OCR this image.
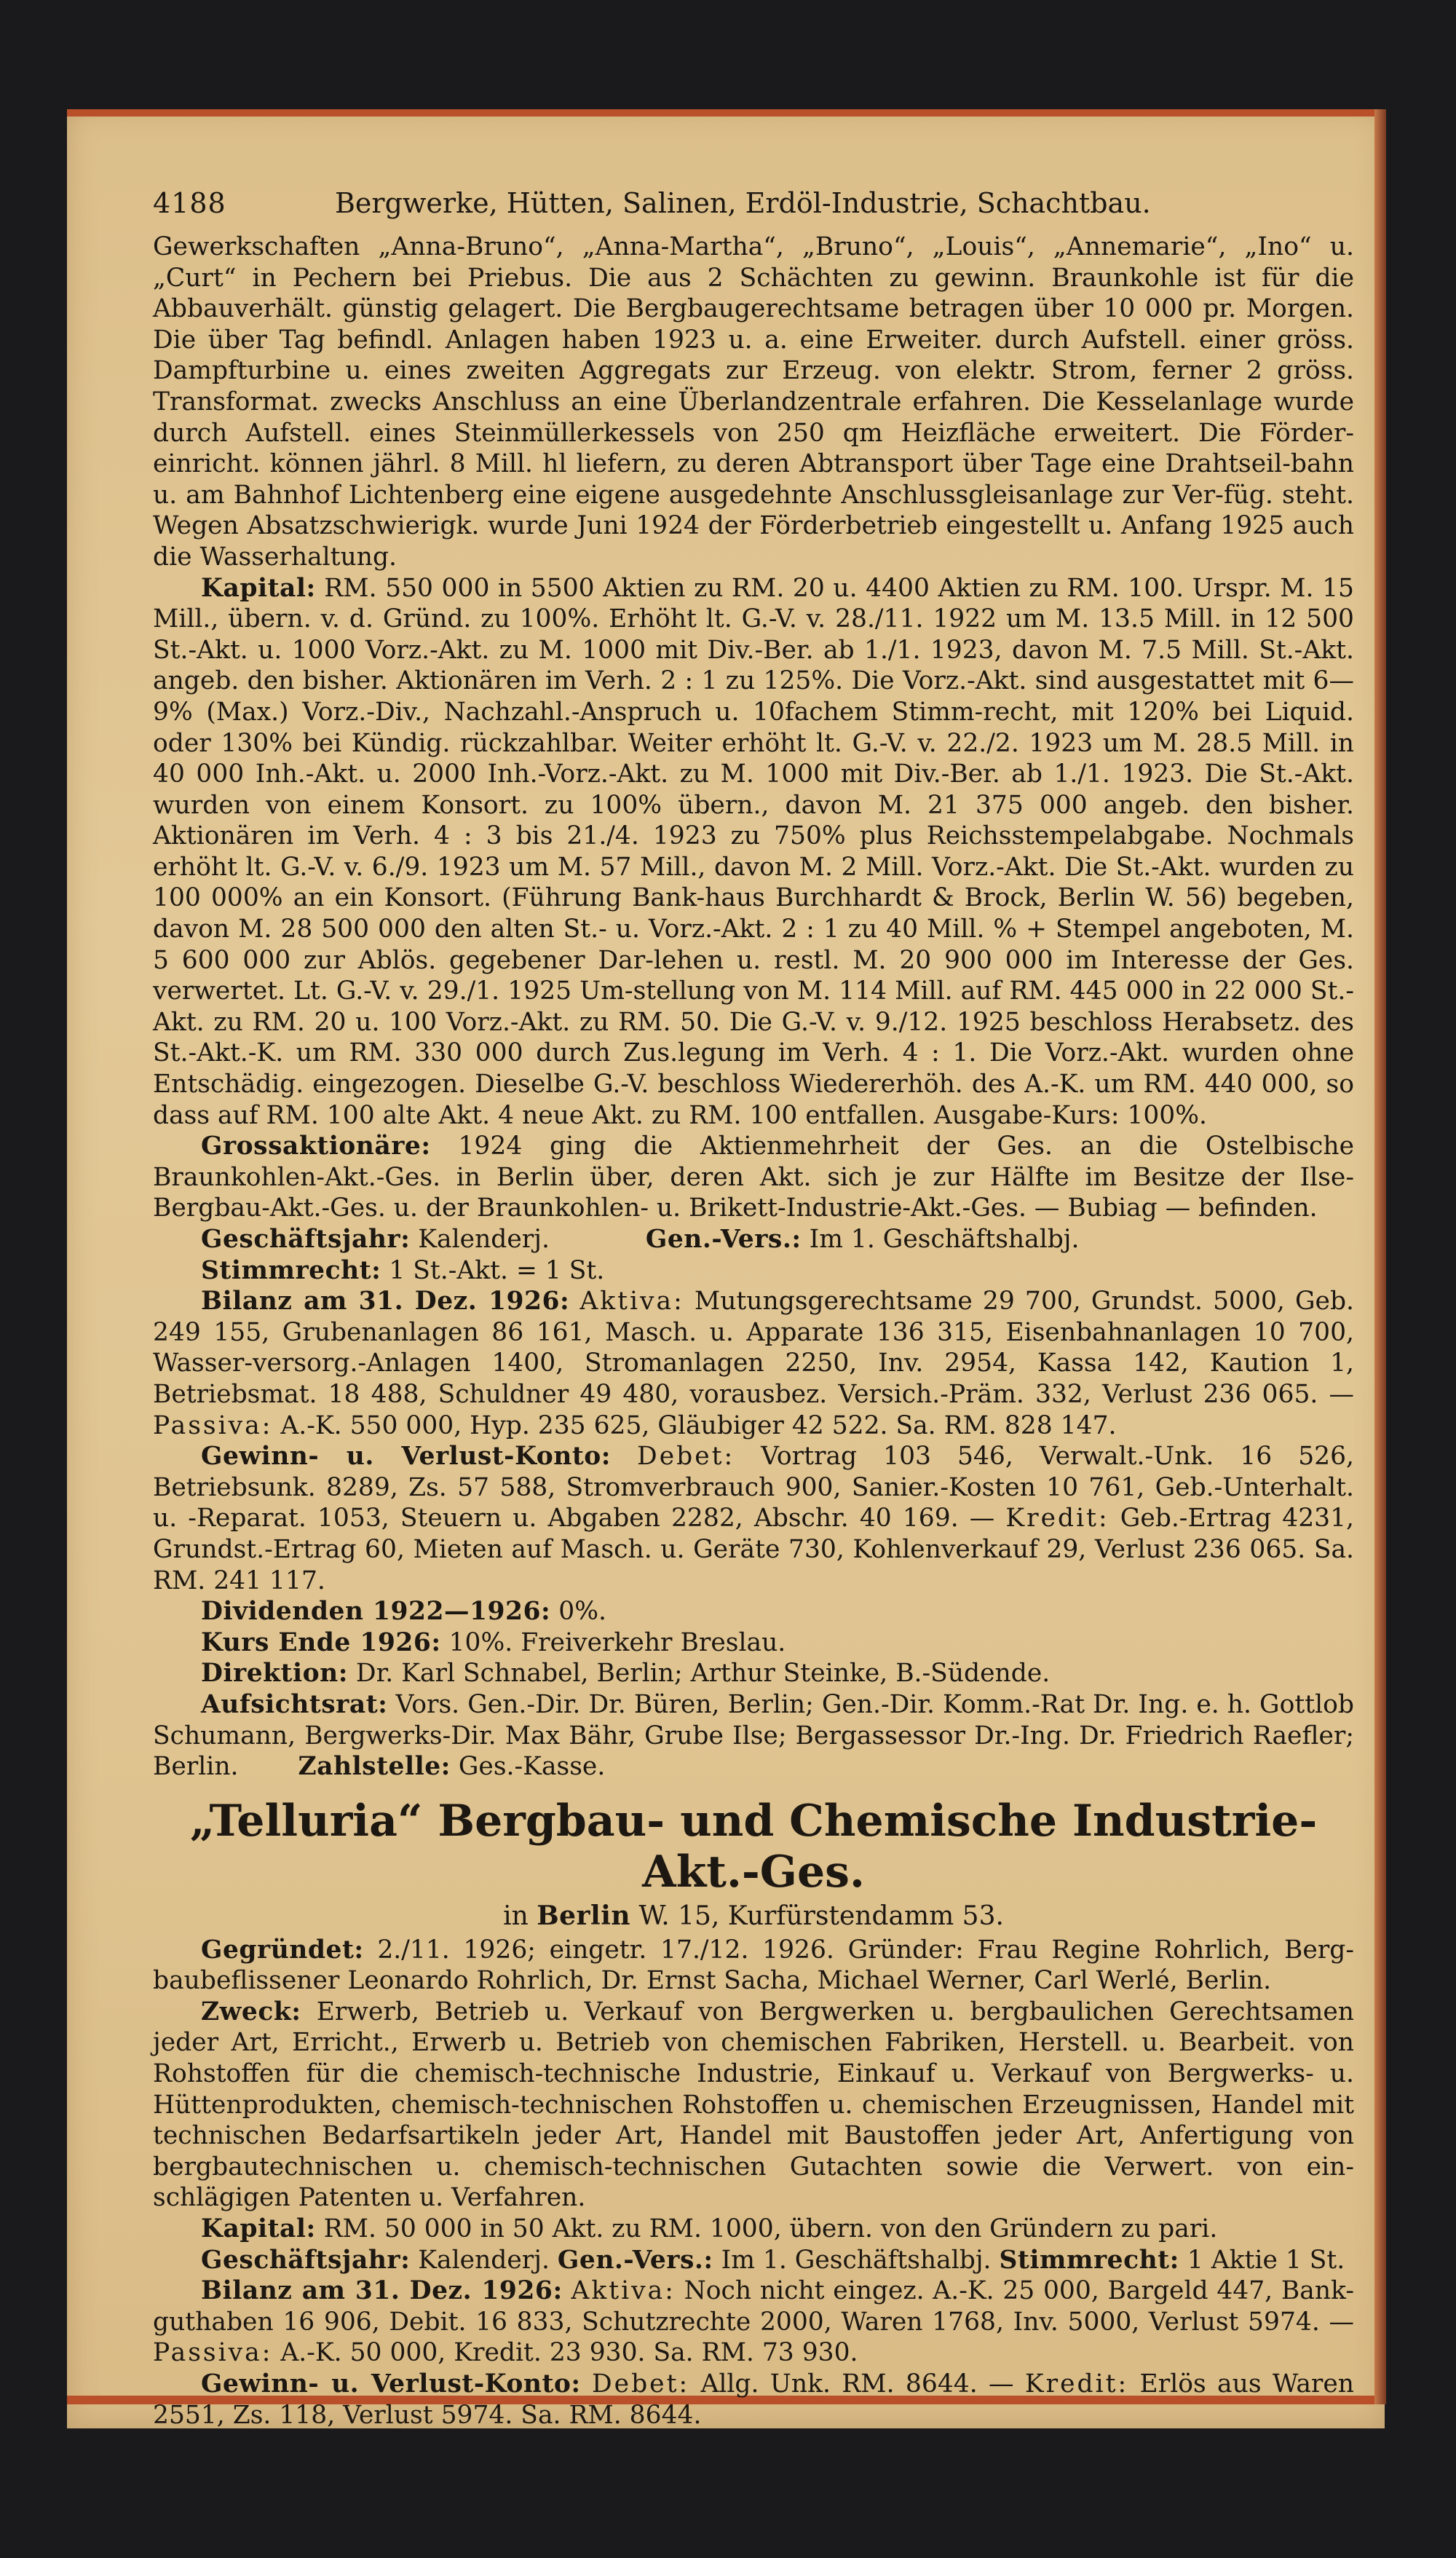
4188	Bergwerke, Hütten, Salinen, Erdöl-Industrie, Schachtbau.

Gewerkschaften „Anna-Bruno“, „Anna-Martha“, „Bruno“, „Louis“, „Annemarie“, „Ino“ u. „Curt“ in Pechern bei Priebus. Die aus 2 Schächten zu gewinn. Braunkohle ist für die Abbauverhält. günstig gelagert. Die Bergbaugerechtsame betragen über 10 000 pr. Morgen. Die über Tag befindl. Anlagen haben 1923 u. a. eine Erweiter. durch Aufstell. einer gröss. Dampfturbine u. eines zweiten Aggregats zur Erzeug. von elektr. Strom, ferner 2 gröss. Transformat. zwecks Anschluss an eine Überlandzentrale erfahren. Die Kesselanlage wurde durch Aufstell. eines Steinmüllerkessels von 250 qm Heizfläche erweitert. Die Förder-einricht. können jährl. 8 Mill. hl liefern, zu deren Abtransport über Tage eine Drahtseil-bahn u. am Bahnhof Lichtenberg eine eigene ausgedehnte Anschlussgleisanlage zur Ver-füg. steht. Wegen Absatzschwierigk. wurde Juni 1924 der Förderbetrieb eingestellt u. Anfang 1925 auch die Wasserhaltung.

Kapital: RM. 550 000 in 5500 Aktien zu RM. 20 u. 4400 Aktien zu RM. 100. Urspr. M. 15 Mill., übern. v. d. Gründ. zu 100%. Erhöht lt. G.-V. v. 28./11. 1922 um M. 13.5 Mill. in 12 500 St.-Akt. u. 1000 Vorz.-Akt. zu M. 1000 mit Div.-Ber. ab 1./1. 1923, davon M. 7.5 Mill. St.-Akt. angeb. den bisher. Aktionären im Verh. 2 : 1 zu 125%. Die Vorz.-Akt. sind ausgestattet mit 6—9% (Max.) Vorz.-Div., Nachzahl.-Anspruch u. 10fachem Stimm-recht, mit 120% bei Liquid. oder 130% bei Kündig. rückzahlbar. Weiter erhöht lt. G.-V. v. 22./2. 1923 um M. 28.5 Mill. in 40 000 Inh.-Akt. u. 2000 Inh.-Vorz.-Akt. zu M. 1000 mit Div.-Ber. ab 1./1. 1923. Die St.-Akt. wurden von einem Konsort. zu 100% übern., davon M. 21 375 000 angeb. den bisher. Aktionären im Verh. 4 : 3 bis 21./4. 1923 zu 750% plus Reichsstempelabgabe. Nochmals erhöht lt. G.-V. v. 6./9. 1923 um M. 57 Mill., davon M. 2 Mill. Vorz.-Akt. Die St.-Akt. wurden zu 100 000% an ein Konsort. (Führung Bank-haus Burchhardt & Brock, Berlin W. 56) begeben, davon M. 28 500 000 den alten St.- u. Vorz.-Akt. 2 : 1 zu 40 Mill. % + Stempel angeboten, M. 5 600 000 zur Ablös. gegebener Dar-lehen u. restl. M. 20 900 000 im Interesse der Ges. verwertet. Lt. G.-V. v. 29./1. 1925 Um-stellung von M. 114 Mill. auf RM. 445 000 in 22 000 St.-Akt. zu RM. 20 u. 100 Vorz.-Akt. zu RM. 50. Die G.-V. v. 9./12. 1925 beschloss Herabsetz. des St.-Akt.-K. um RM. 330 000 durch Zus.legung im Verh. 4 : 1. Die Vorz.-Akt. wurden ohne Entschädig. eingezogen. Dieselbe G.-V. beschloss Wiedererhöh. des A.-K. um RM. 440 000, so dass auf RM. 100 alte Akt. 4 neue Akt. zu RM. 100 entfallen. Ausgabe-Kurs: 100%.

Grossaktionäre: 1924 ging die Aktienmehrheit der Ges. an die Ostelbische Braunkohlen-Akt.-Ges. in Berlin über, deren Akt. sich je zur Hälfte im Besitze der Ilse-Bergbau-Akt.-Ges. u. der Braunkohlen- u. Brikett-Industrie-Akt.-Ges. — Bubiag — befinden.

Geschäftsjahr: Kalenderj.	Gen.-Vers.: Im 1. Geschäftshalbj.

Stimmrecht: 1 St.-Akt. = 1 St.

Bilanz am 31. Dez. 1926: Aktiva: Mutungsgerechtsame 29 700, Grundst. 5000, Geb. 249 155, Grubenanlagen 86 161, Masch. u. Apparate 136 315, Eisenbahnanlagen 10 700, Wasser-versorg.-Anlagen 1400, Stromanlagen 2250, Inv. 2954, Kassa 142, Kaution 1, Betriebsmat. 18 488, Schuldner 49 480, vorausbez. Versich.-Präm. 332, Verlust 236 065. — Passiva: A.-K. 550 000, Hyp. 235 625, Gläubiger 42 522. Sa. RM. 828 147.

Gewinn- u. Verlust-Konto: Debet: Vortrag 103 546, Verwalt.-Unk. 16 526, Betriebsunk. 8289, Zs. 57 588, Stromverbrauch 900, Sanier.-Kosten 10 761, Geb.-Unterhalt. u. -Reparat. 1053, Steuern u. Abgaben 2282, Abschr. 40 169. — Kredit: Geb.-Ertrag 4231, Grundst.-Ertrag 60, Mieten auf Masch. u. Geräte 730, Kohlenverkauf 29, Verlust 236 065. Sa. RM. 241 117.

Dividenden 1922—1926: 0%.

Kurs Ende 1926: 10%. Freiverkehr Breslau.

Direktion: Dr. Karl Schnabel, Berlin; Arthur Steinke, B.-Südende.

Aufsichtsrat: Vors. Gen.-Dir. Dr. Büren, Berlin; Gen.-Dir. Komm.-Rat Dr. Ing. e. h. Gottlob Schumann, Bergwerks-Dir. Max Bähr, Grube Ilse; Bergassessor Dr.-Ing. Dr. Friedrich Raefler; Berlin. Zahlstelle: Ges.-Kasse.

„Telluria“ Bergbau- und Chemische Industrie-Akt.-Ges.
in Berlin W. 15, Kurfürstendamm 53.

Gegründet: 2./11. 1926; eingetr. 17./12. 1926. Gründer: Frau Regine Rohrlich, Berg-baubeflissener Leonardo Rohrlich, Dr. Ernst Sacha, Michael Werner, Carl Werlé, Berlin.

Zweck: Erwerb, Betrieb u. Verkauf von Bergwerken u. bergbaulichen Gerechtsamen jeder Art, Erricht., Erwerb u. Betrieb von chemischen Fabriken, Herstell. u. Bearbeit. von Rohstoffen für die chemisch-technische Industrie, Einkauf u. Verkauf von Bergwerks- u. Hüttenprodukten, chemisch-technischen Rohstoffen u. chemischen Erzeugnissen, Handel mit technischen Bedarfsartikeln jeder Art, Handel mit Baustoffen jeder Art, Anfertigung von bergbautechnischen u. chemisch-technischen Gutachten sowie die Verwert. von ein-schlägigen Patenten u. Verfahren.

Kapital: RM. 50 000 in 50 Akt. zu RM. 1000, übern. von den Gründern zu pari.

Geschäftsjahr: Kalenderj. Gen.-Vers.: Im 1. Geschäftshalbj. Stimmrecht: 1 Aktie 1 St.

Bilanz am 31. Dez. 1926: Aktiva: Noch nicht eingez. A.-K. 25 000, Bargeld 447, Bank-guthaben 16 906, Debit. 16 833, Schutzrechte 2000, Waren 1768, Inv. 5000, Verlust 5974. — Passiva: A.-K. 50 000, Kredit. 23 930. Sa. RM. 73 930.

Gewinn- u. Verlust-Konto: Debet: Allg. Unk. RM. 8644. — Kredit: Erlös aus Waren 2551, Zs. 118, Verlust 5974. Sa. RM. 8644.
